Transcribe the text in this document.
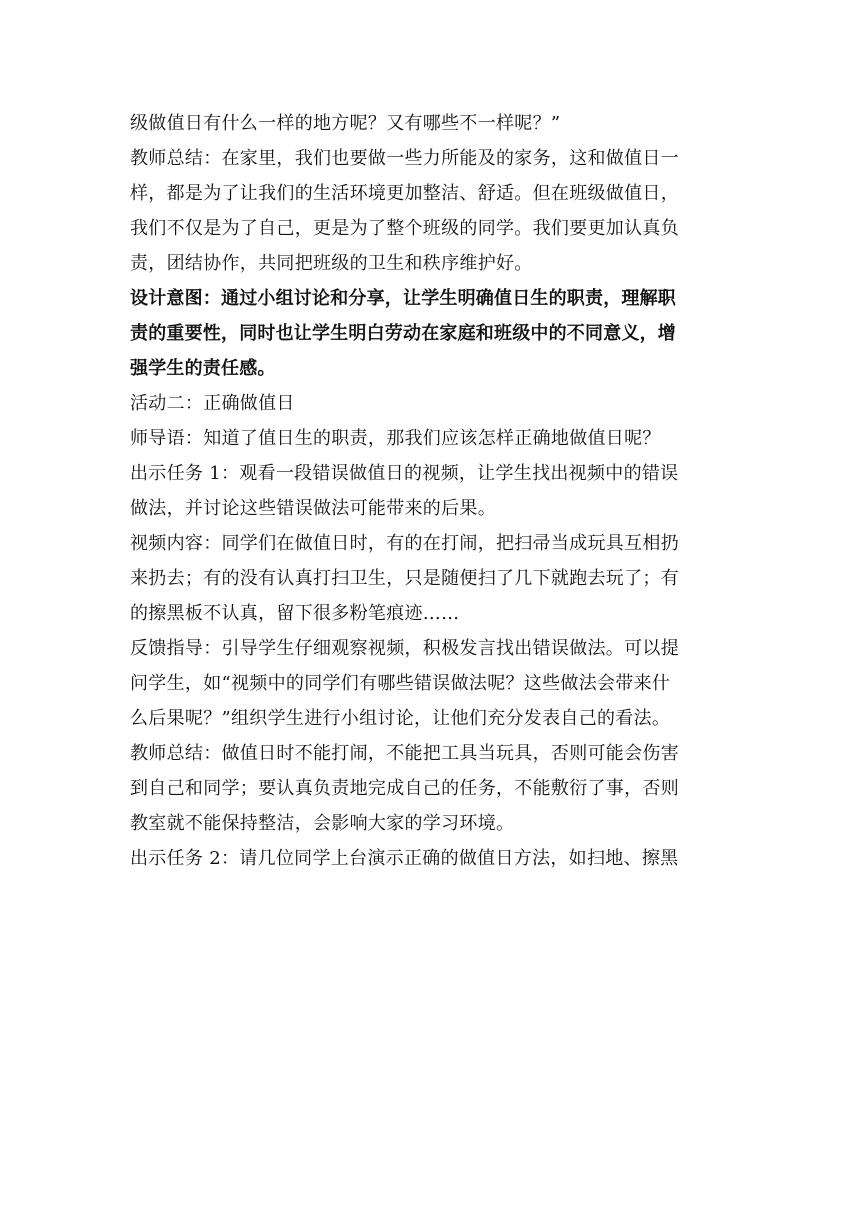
级做值日有什么一样的地方呢？又有哪些不一样呢？”

教师总结：在家里，我们也要做一些力所能及的家务，这和做值日一
样，都是为了让我们的生活环境更加整洁、舒适。但在班级做值日，
我们不仅是为了自己，更是为了整个班级的同学。我们要更加认真负
责，团结协作，共同把班级的卫生和秩序维护好。

设计意图：通过小组讨论和分享，让学生明确值日生的职责，理解职
责的重要性，同时也让学生明白劳动在家庭和班级中的不同意义，增
强学生的责任感。

活动二：正确做值日

师导语：知道了值日生的职责，那我们应该怎样正确地做值日呢？

出示任务 1：观看一段错误做值日的视频，让学生找出视频中的错误
做法，并讨论这些错误做法可能带来的后果。

视频内容：同学们在做值日时，有的在打闹，把扫帚当成玩具互相扔
来扔去；有的没有认真打扫卫生，只是随便扫了几下就跑去玩了；有
的擦黑板不认真，留下很多粉笔痕迹……

反馈指导：引导学生仔细观察视频，积极发言找出错误做法。可以提
问学生，如“视频中的同学们有哪些错误做法呢？这些做法会带来什
么后果呢？”组织学生进行小组讨论，让他们充分发表自己的看法。

教师总结：做值日时不能打闹，不能把工具当玩具，否则可能会伤害
到自己和同学；要认真负责地完成自己的任务，不能敷衍了事，否则
教室就不能保持整洁，会影响大家的学习环境。

出示任务 2：请几位同学上台演示正确的做值日方法，如扫地、擦黑
